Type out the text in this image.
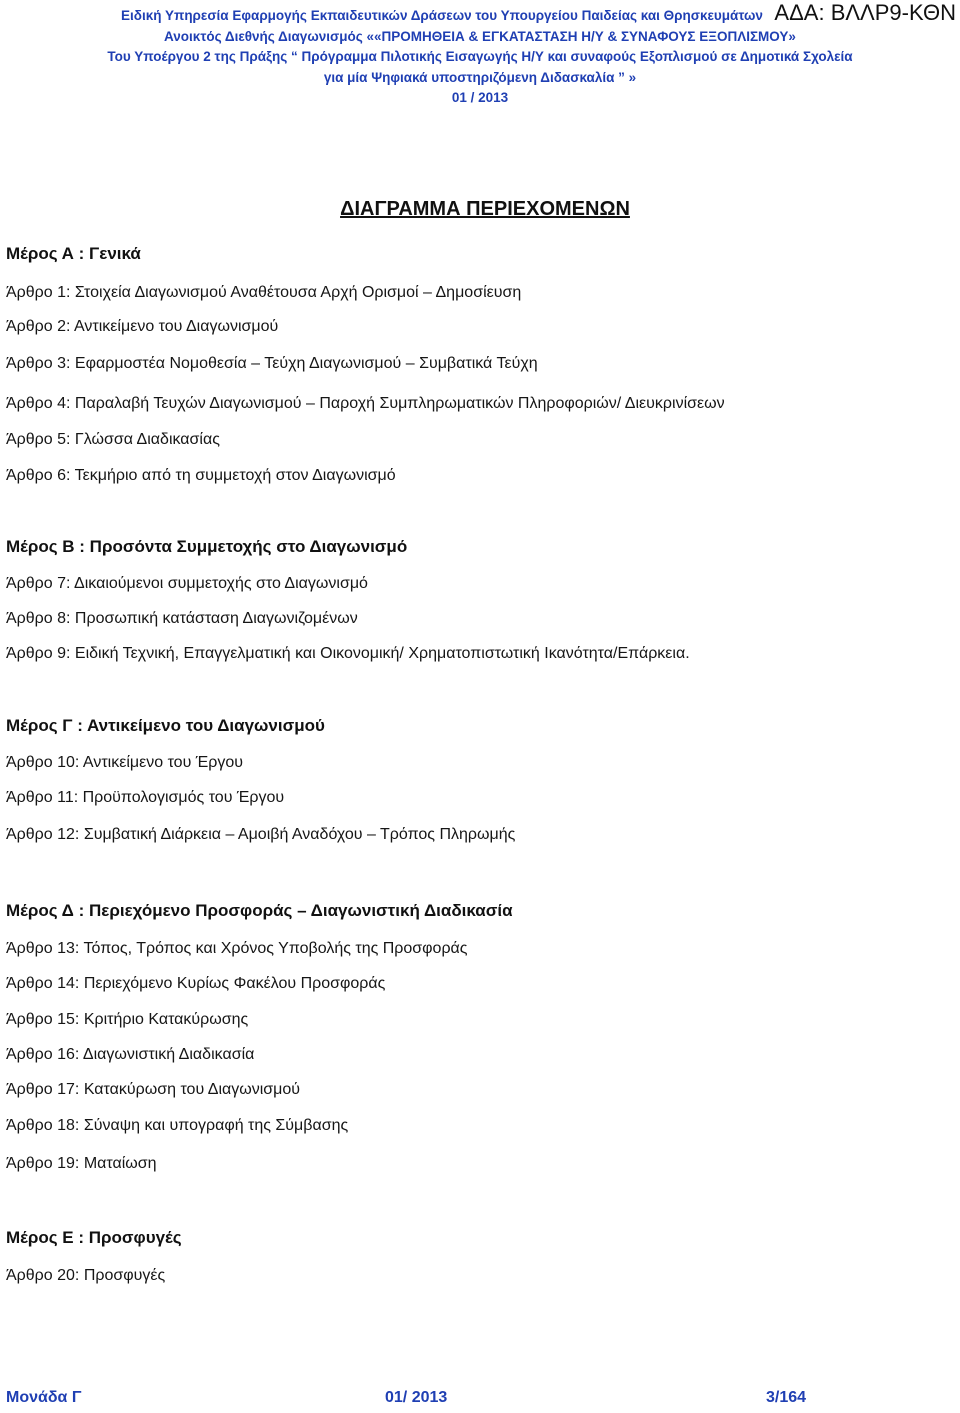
Ειδική Υπηρεσία Εφαρμογής Εκπαιδευτικών Δράσεων του Υπουργείου Παιδείας και Θρησκευμάτων
Ανοικτός Διεθνής Διαγωνισμός ««ΠΡΟΜΗΘΕΙΑ & ΕΓΚΑΤΑΣΤΑΣΗ Η/Υ & ΣΥΝΑΦΟΥΣ ΕΞΟΠΛΙΣΜΟΥ»
Του Υποέργου 2 της Πράξης “ Πρόγραμμα Πιλοτικής Εισαγωγής Η/Υ και συναφούς Εξοπλισμού σε Δημοτικά Σχολεία
για μία Ψηφιακά υποστηριζόμενη Διδασκαλία ” »
01 / 2013
ΑΔΑ: ΒΛΛΡ9-ΚΘΝ
ΔΙΑΓΡΑΜΜΑ ΠΕΡΙΕΧΟΜΕΝΩΝ
Μέρος Α : Γενικά
Άρθρο 1: Στοιχεία Διαγωνισμού Αναθέτουσα Αρχή Ορισμοί – Δημοσίευση
Άρθρο 2: Αντικείμενο του Διαγωνισμού
Άρθρο 3: Εφαρμοστέα Νομοθεσία – Τεύχη Διαγωνισμού – Συμβατικά Τεύχη
Άρθρο 4: Παραλαβή Τευχών Διαγωνισμού – Παροχή Συμπληρωματικών Πληροφοριών/ Διευκρινίσεων
Άρθρο 5: Γλώσσα Διαδικασίας
Άρθρο 6: Τεκμήριο από τη συμμετοχή στον Διαγωνισμό
Μέρος Β : Προσόντα Συμμετοχής στο Διαγωνισμό
Άρθρο 7: Δικαιούμενοι συμμετοχής στο Διαγωνισμό
Άρθρο 8: Προσωπική κατάσταση Διαγωνιζομένων
Άρθρο 9: Ειδική Τεχνική, Επαγγελματική και Οικονομική/ Χρηματοπιστωτική Ικανότητα/Επάρκεια.
Μέρος Γ : Αντικείμενο του Διαγωνισμού
Άρθρο 10: Αντικείμενο του Έργου
Άρθρο 11: Προϋπολογισμός του Έργου
Άρθρο 12: Συμβατική Διάρκεια – Αμοιβή Αναδόχου – Τρόπος Πληρωμής
Μέρος Δ : Περιεχόμενο Προσφοράς – Διαγωνιστική Διαδικασία
Άρθρο 13: Τόπος, Τρόπος και Χρόνος Υποβολής της Προσφοράς
Άρθρο 14: Περιεχόμενο Κυρίως Φακέλου Προσφοράς
Άρθρο 15: Κριτήριο Κατακύρωσης
Άρθρο 16: Διαγωνιστική Διαδικασία
Άρθρο 17: Κατακύρωση του Διαγωνισμού
Άρθρο 18: Σύναψη και υπογραφή της Σύμβασης
Άρθρο 19: Ματαίωση
Μέρος Ε : Προσφυγές
Άρθρο 20: Προσφυγές
Μονάδα Γ	01/ 2013	3/164
